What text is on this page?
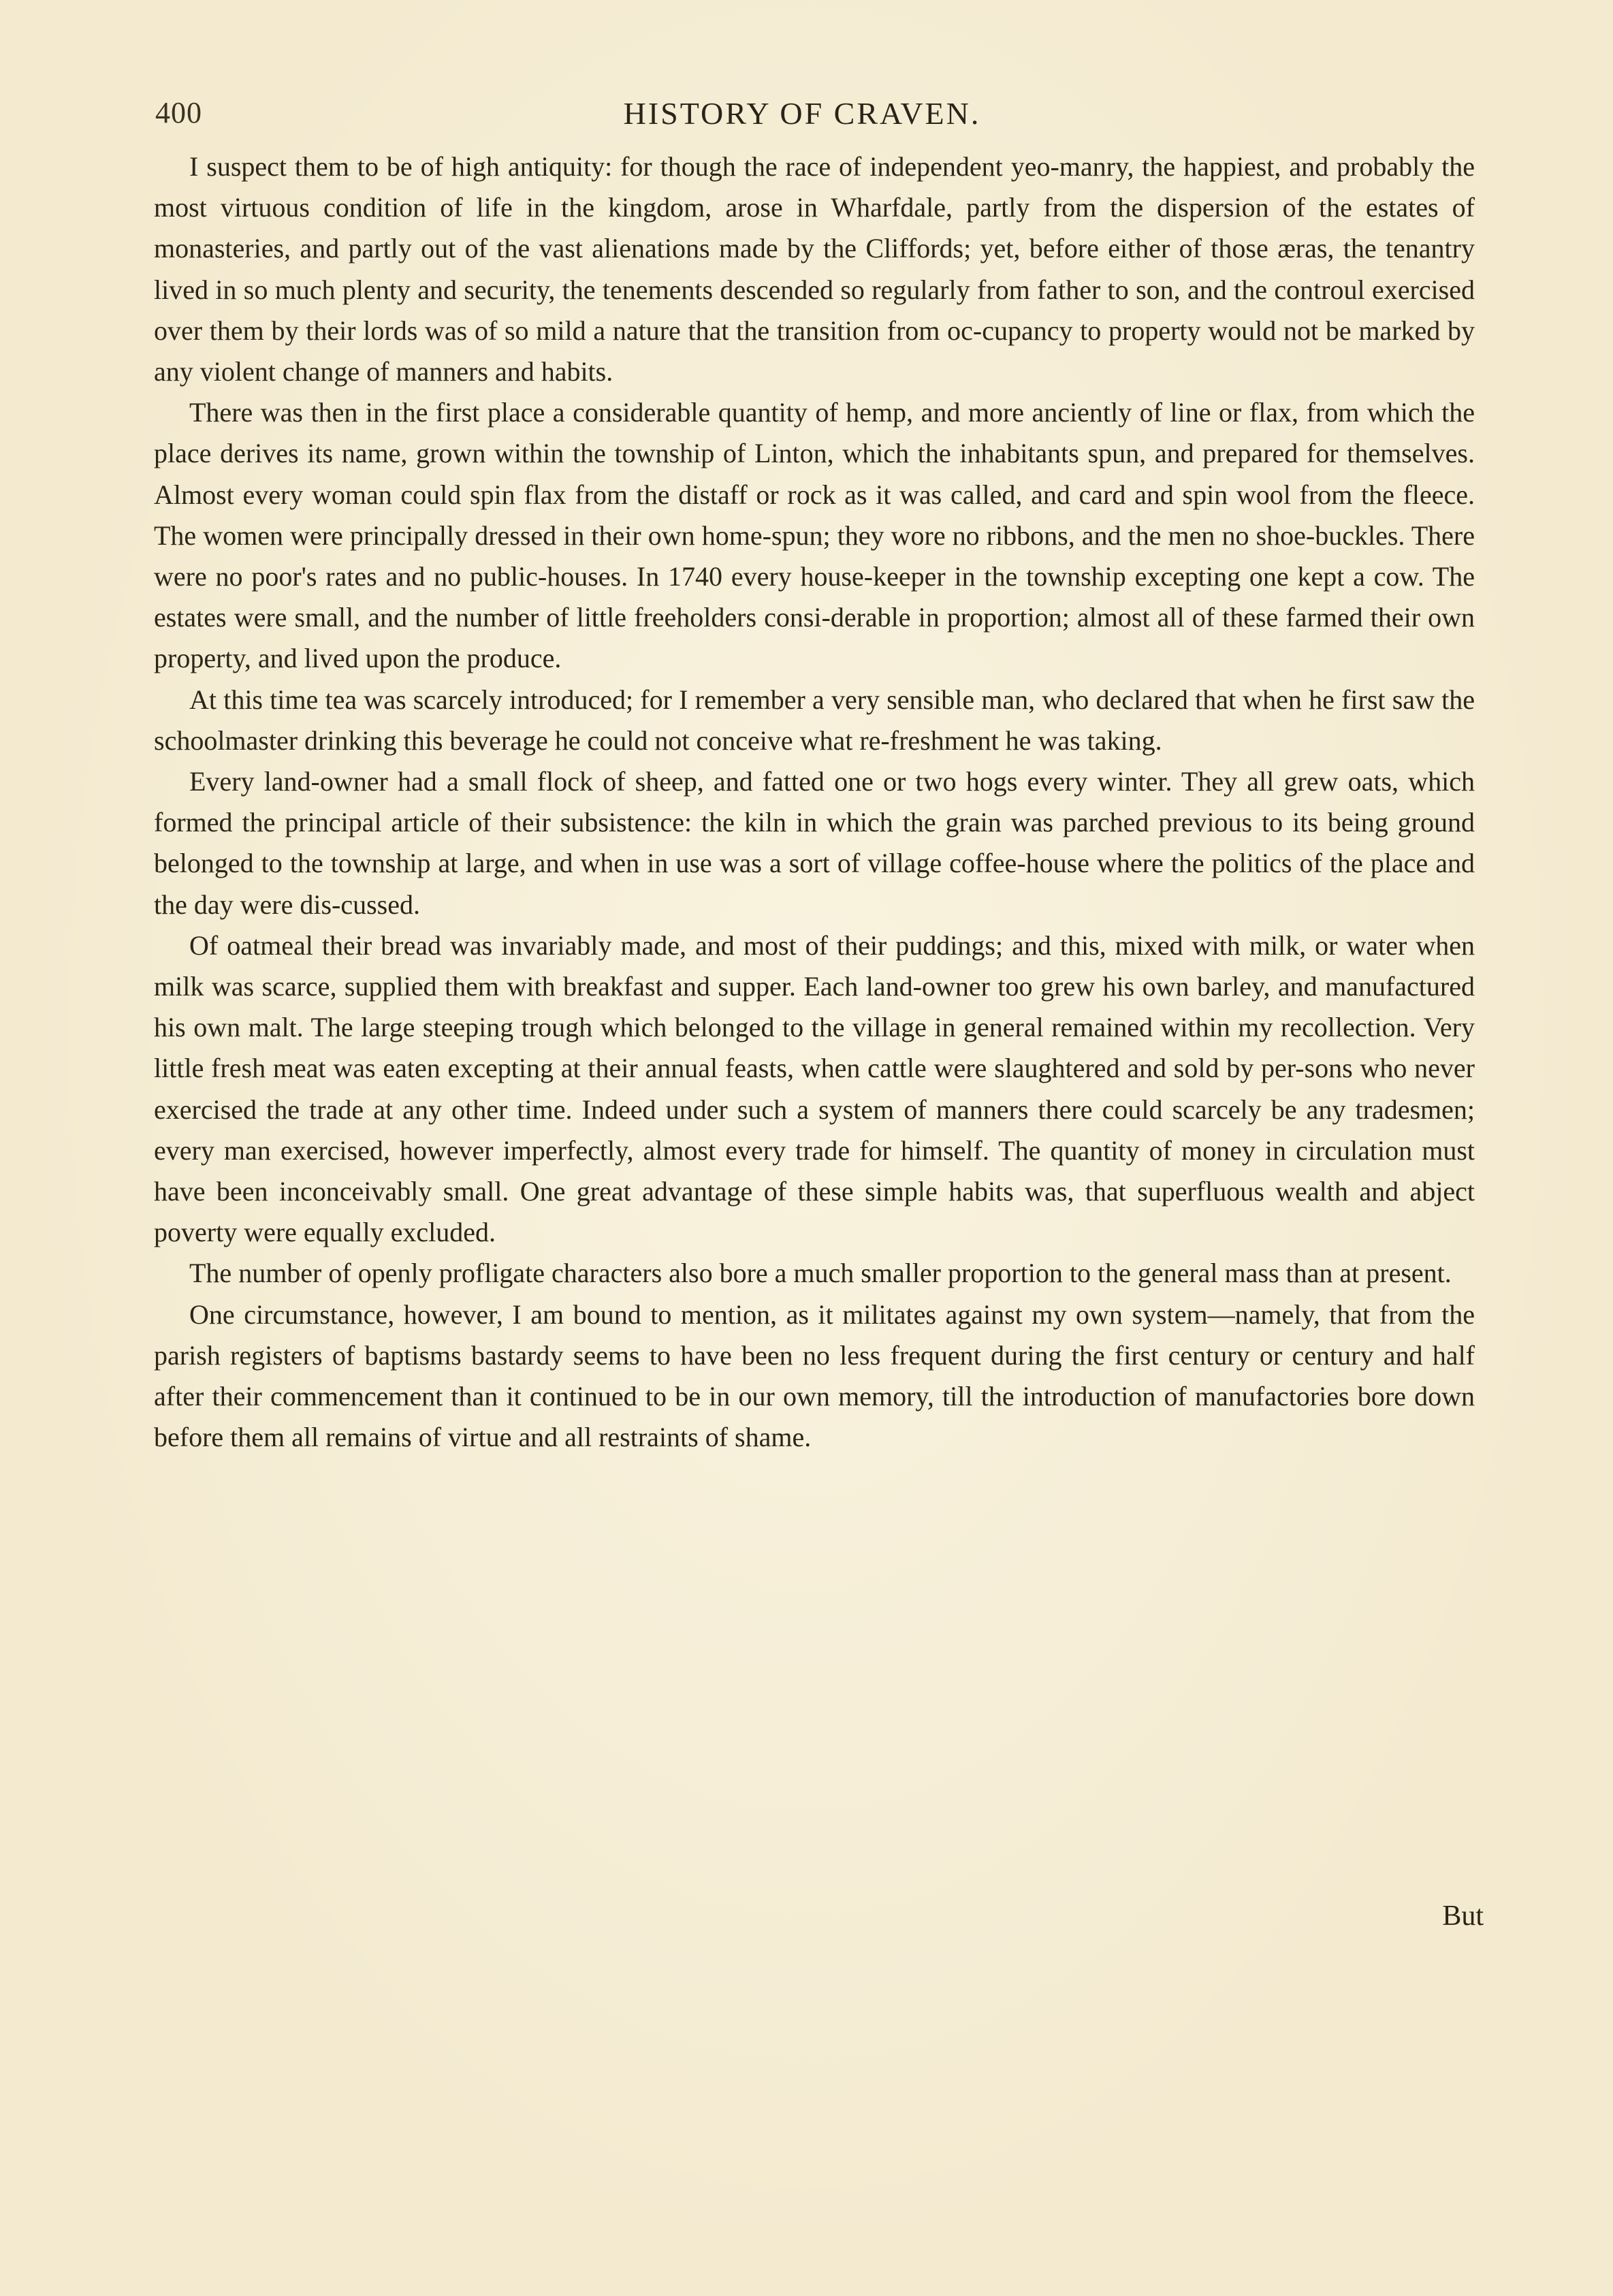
400	HISTORY OF CRAVEN.

I suspect them to be of high antiquity: for though the race of independent yeo-manry, the happiest, and probably the most virtuous condition of life in the kingdom, arose in Wharfdale, partly from the dispersion of the estates of monasteries, and partly out of the vast alienations made by the Cliffords; yet, before either of those æras, the tenantry lived in so much plenty and security, the tenements descended so regularly from father to son, and the controul exercised over them by their lords was of so mild a nature that the transition from oc-cupancy to property would not be marked by any violent change of manners and habits.

There was then in the first place a considerable quantity of hemp, and more anciently of line or flax, from which the place derives its name, grown within the township of Linton, which the inhabitants spun, and prepared for themselves. Almost every woman could spin flax from the distaff or rock as it was called, and card and spin wool from the fleece. The women were principally dressed in their own home-spun; they wore no ribbons, and the men no shoe-buckles. There were no poor's rates and no public-houses. In 1740 every house-keeper in the township excepting one kept a cow. The estates were small, and the number of little freeholders consi-derable in proportion; almost all of these farmed their own property, and lived upon the produce.

At this time tea was scarcely introduced; for I remember a very sensible man, who declared that when he first saw the schoolmaster drinking this beverage he could not conceive what re-freshment he was taking.

Every land-owner had a small flock of sheep, and fatted one or two hogs every winter. They all grew oats, which formed the principal article of their subsistence: the kiln in which the grain was parched previous to its being ground belonged to the township at large, and when in use was a sort of village coffee-house where the politics of the place and the day were dis-cussed.

Of oatmeal their bread was invariably made, and most of their puddings; and this, mixed with milk, or water when milk was scarce, supplied them with breakfast and supper. Each land-owner too grew his own barley, and manufactured his own malt. The large steeping trough which belonged to the village in general remained within my recollection. Very little fresh meat was eaten excepting at their annual feasts, when cattle were slaughtered and sold by per-sons who never exercised the trade at any other time. Indeed under such a system of manners there could scarcely be any tradesmen; every man exercised, however imperfectly, almost every trade for himself. The quantity of money in circulation must have been inconceivably small. One great advantage of these simple habits was, that superfluous wealth and abject poverty were equally excluded.

The number of openly profligate characters also bore a much smaller proportion to the general mass than at present.

One circumstance, however, I am bound to mention, as it militates against my own system—namely, that from the parish registers of baptisms bastardy seems to have been no less frequent during the first century or century and half after their commencement than it continued to be in our own memory, till the introduction of manufactories bore down before them all remains of virtue and all restraints of shame.

But
